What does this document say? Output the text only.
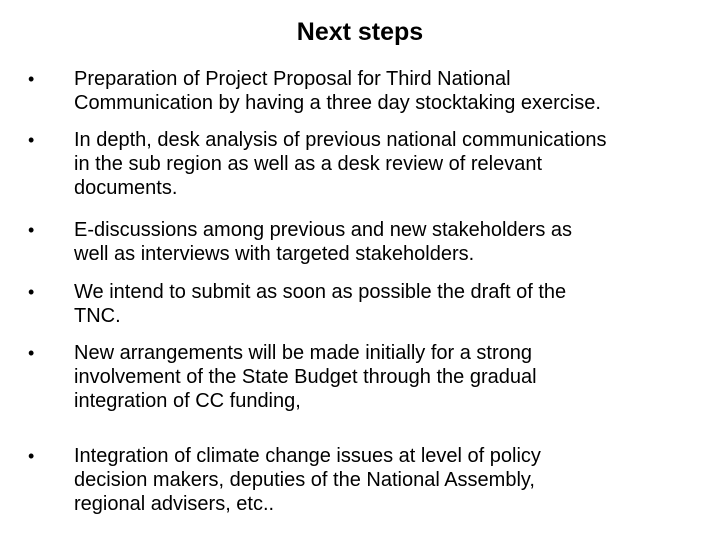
Next steps
• Preparation of Project Proposal for Third National
Communication by having a three day stocktaking exercise.
• In depth, desk analysis of previous national communications
in the sub region as well as a desk review of relevant
documents.
• E-discussions among previous and new stakeholders as
well as interviews with targeted stakeholders.
• We intend to submit as soon as possible the draft of the
TNC.
• New arrangements will be made initially for a strong
involvement of the State Budget through the gradual
integration of CC funding,
• Integration of climate change issues at level of policy
decision makers, deputies of the National Assembly,
regional advisers, etc..
